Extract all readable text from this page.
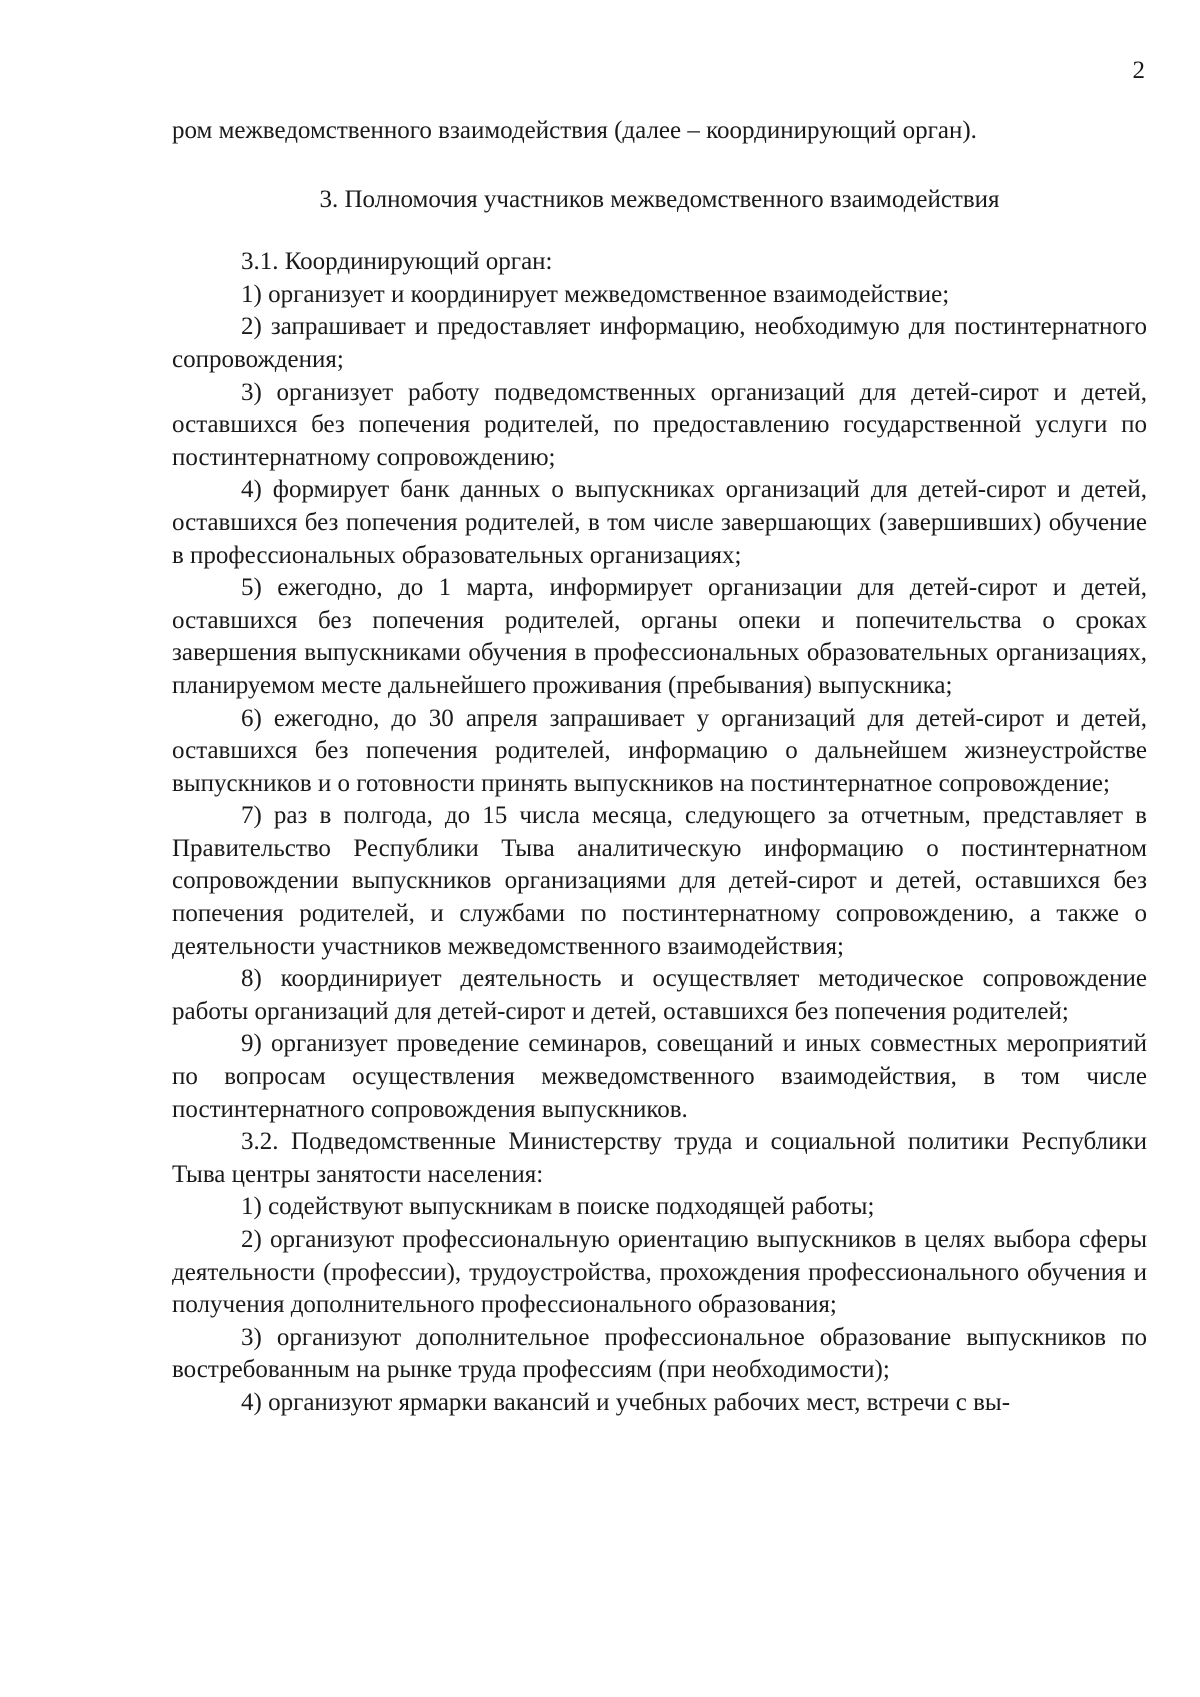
2

ром межведомственного взаимодействия (далее – координирующий орган).

3. Полномочия участников межведомственного взаимодействия

3.1. Координирующий орган:

1) организует и координирует межведомственное взаимодействие;

2) запрашивает и предоставляет информацию, необходимую для постинтернатного сопровождения;

3) организует работу подведомственных организаций для детей-сирот и детей, оставшихся без попечения родителей, по предоставлению государственной услуги по постинтернатному сопровождению;

4) формирует банк данных о выпускниках организаций для детей-сирот и детей, оставшихся без попечения родителей, в том числе завершающих (завершивших) обучение в профессиональных образовательных организациях;

5) ежегодно, до 1 марта, информирует организации для детей-сирот и детей, оставшихся без попечения родителей, органы опеки и попечительства о сроках завершения выпускниками обучения в профессиональных образовательных организациях, планируемом месте дальнейшего проживания (пребывания) выпускника;

6) ежегодно, до 30 апреля запрашивает у организаций для детей-сирот и детей, оставшихся без попечения родителей, информацию о дальнейшем жизнеустройстве выпускников и о готовности принять выпускников на постинтернатное сопровождение;

7) раз в полгода, до 15 числа месяца, следующего за отчетным, представляет в Правительство Республики Тыва аналитическую информацию о постинтернатном сопровождении выпускников организациями для детей-сирот и детей, оставшихся без попечения родителей, и службами по постинтернатному сопровождению, а также о деятельности участников межведомственного взаимодействия;

8) координириует деятельность и осуществляет методическое сопровождение работы организаций для детей-сирот и детей, оставшихся без попечения родителей;

9) организует проведение семинаров, совещаний и иных совместных мероприятий по вопросам осуществления межведомственного взаимодействия, в том числе постинтернатного сопровождения выпускников.

3.2. Подведомственные Министерству труда и социальной политики Республики Тыва центры занятости населения:

1) содействуют выпускникам в поиске подходящей работы;

2) организуют профессиональную ориентацию выпускников в целях выбора сферы деятельности (профессии), трудоустройства, прохождения профессионального обучения и получения дополнительного профессионального образования;

3) организуют дополнительное профессиональное образование выпускников по востребованным на рынке труда профессиям (при необходимости);

4) организуют ярмарки вакансий и учебных рабочих мест, встречи с вы-
